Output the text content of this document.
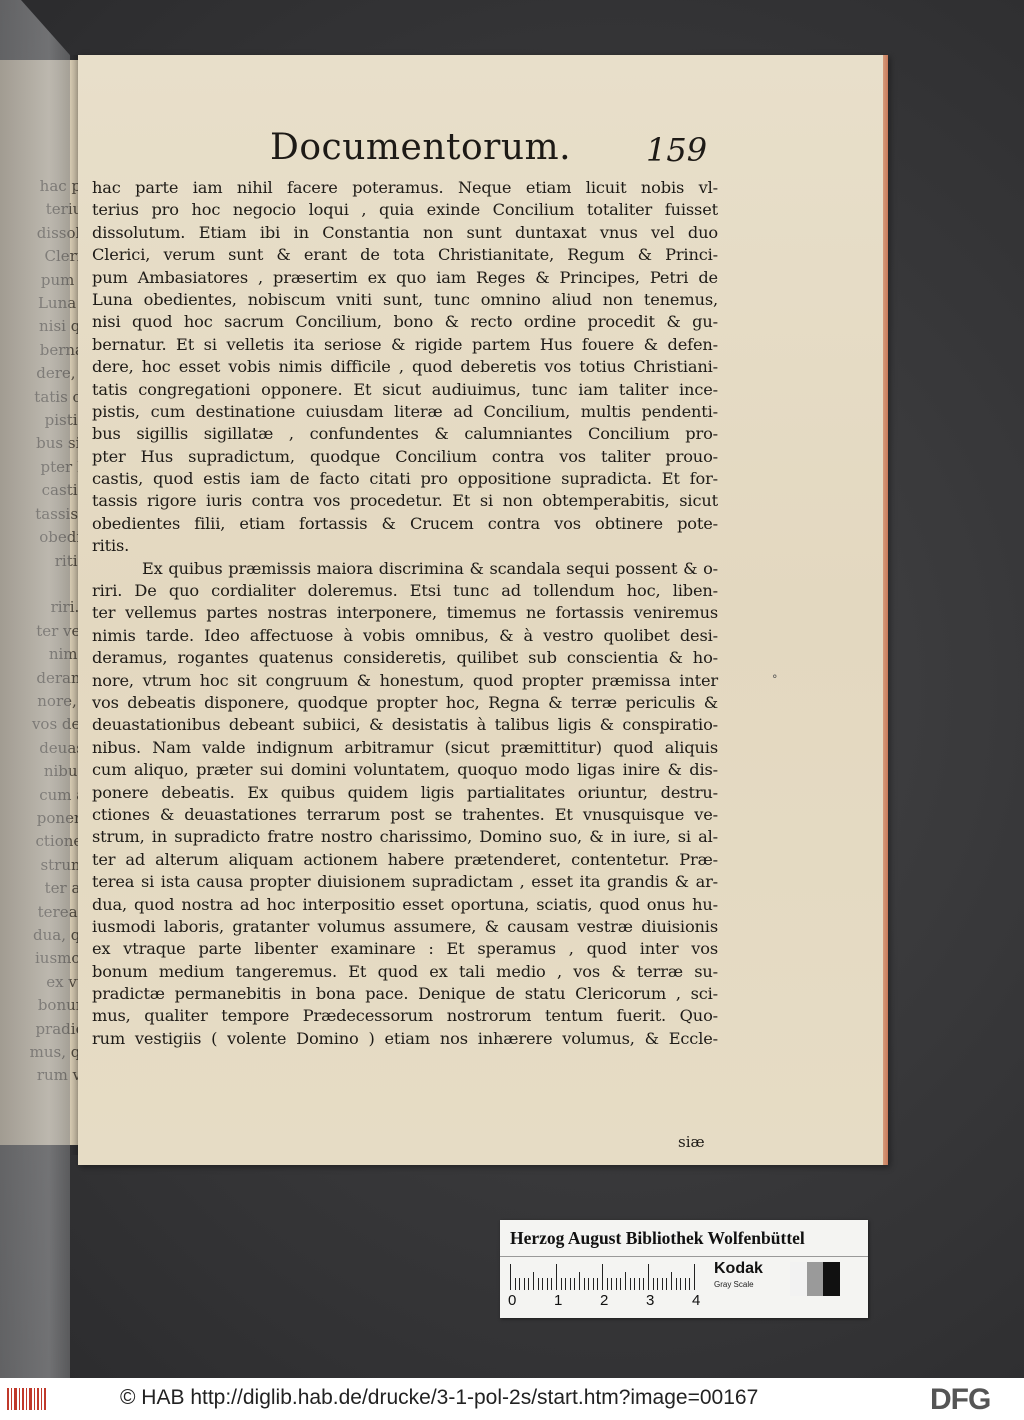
Documentorum. 159
hac parte iam nihil facere poteramus. Neque etiam licuit nobis vl-
terius pro hoc negocio loqui , quia exinde Concilium totaliter fuisset
dissolutum. Etiam ibi in Constantia non sunt duntaxat vnus vel duo
Clerici, verum sunt & erant de tota Christianitate, Regum & Princi-
pum Ambasiatores , præsertim ex quo iam Reges & Principes, Petri de
Luna obedientes, nobiscum vniti sunt, tunc omnino aliud non tenemus,
nisi quod hoc sacrum Concilium, bono & recto ordine procedit & gu-
bernatur. Et si velletis ita seriose & rigide partem Hus fouere & defen-
dere, hoc esset vobis nimis difficile , quod deberetis vos totius Christiani-
tatis congregationi opponere. Et sicut audiuimus, tunc iam taliter ince-
pistis, cum destinatione cuiusdam literæ ad Concilium, multis pendenti-
bus sigillis sigillatæ , confundentes & calumniantes Concilium pro-
pter Hus supradictum, quodque Concilium contra vos taliter prouo-
castis, quod estis iam de facto citati pro oppositione supradicta. Et for-
tassis rigore iuris contra vos procedetur. Et si non obtemperabitis, sicut
obedientes filii, etiam fortassis & Crucem contra vos obtinere pote-
ritis.
Ex quibus præmissis maiora discrimina & scandala sequi possent & o-
riri. De quo cordialiter doleremus. Etsi tunc ad tollendum hoc, liben-
ter vellemus partes nostras interponere, timemus ne fortassis veniremus
nimis tarde. Ideo affectuose à vobis omnibus, & à vestro quolibet desi-
deramus, rogantes quatenus consideretis, quilibet sub conscientia & ho-
nore, vtrum hoc sit congruum & honestum, quod propter præmissa inter
vos debeatis disponere, quodque propter hoc, Regna & terræ periculis &
deuastationibus debeant subiici, & desistatis à talibus ligis & conspiratio-
nibus. Nam valde indignum arbitramur (sicut præmittitur) quod aliquis
cum aliquo, præter sui domini voluntatem, quoquo modo ligas inire & dis-
ponere debeatis. Ex quibus quidem ligis partialitates oriuntur, destru-
ctiones & deuastationes terrarum post se trahentes. Et vnusquisque ve-
strum, in supradicto fratre nostro charissimo, Domino suo, & in iure, si al-
ter ad alterum aliquam actionem habere prætenderet, contentetur. Præ-
terea si ista causa propter diuisionem supradictam , esset ita grandis & ar-
dua, quod nostra ad hoc interpositio esset oportuna, sciatis, quod onus hu-
iusmodi laboris, gratanter volumus assumere, & causam vestræ diuisionis
ex vtraque parte libenter examinare : Et speramus , quod inter vos
bonum medium tangeremus. Et quod ex tali medio , vos & terræ su-
pradictæ permanebitis in bona pace. Denique de statu Clericorum , sci-
mus, qualiter tempore Prædecessorum nostrorum tentum fuerit. Quo-
rum vestigiis ( volente Domino ) etiam nos inhærere volumus, & Eccle-
°
siæ
Herzog August Bibliothek Wolfenbüttel
0	1	2	3	4
Kodak
Gray Scale
© HAB http://diglib.hab.de/drucke/3-1-pol-2s/start.htm?image=00167	DFG
